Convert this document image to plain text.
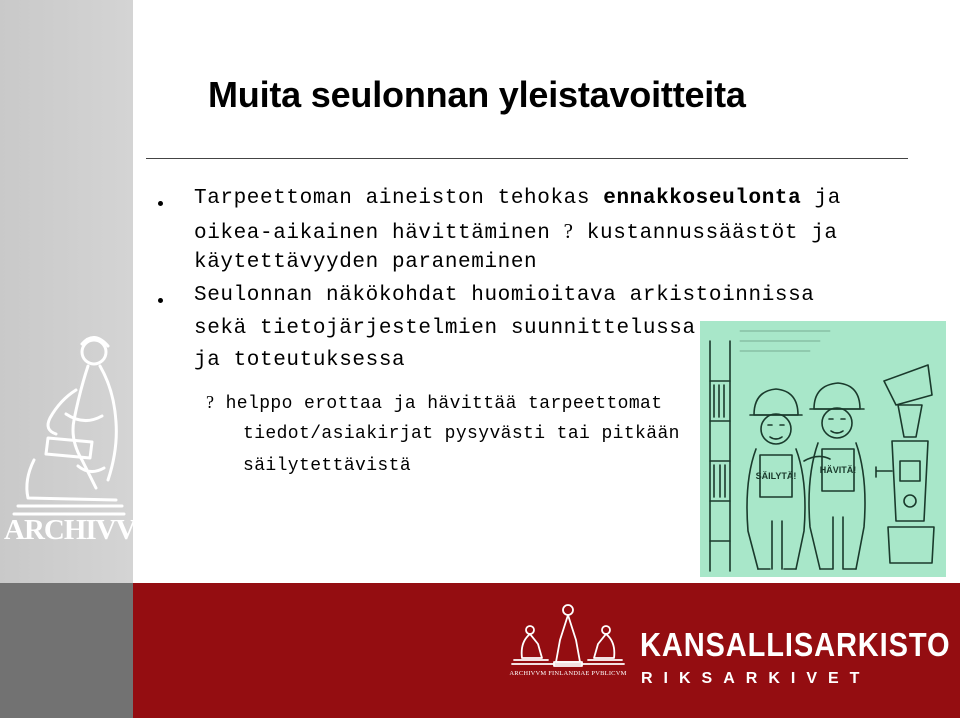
ARCHIVVM
Muita seulonnan yleistavoitteita
Tarpeettoman aineiston tehokas ennakkoseulonta ja
oikea-aikainen hävittäminen ? kustannussäästöt ja
käytettävyyden paraneminen
Seulonnan näkökohdat huomioitava arkistoinnissa
sekä tietojärjestelmien suunnittelussa
ja toteutuksessa
? helppo erottaa ja hävittää tarpeettomat
tiedot/asiakirjat pysyvästi tai pitkään
säilytettävistä	SÄILYTÄ!
HÄVITÄ!
ARCHIVVM FINLANDIAE PVBLICVM
KANSALLISARKISTO
RIKSARKIVET
